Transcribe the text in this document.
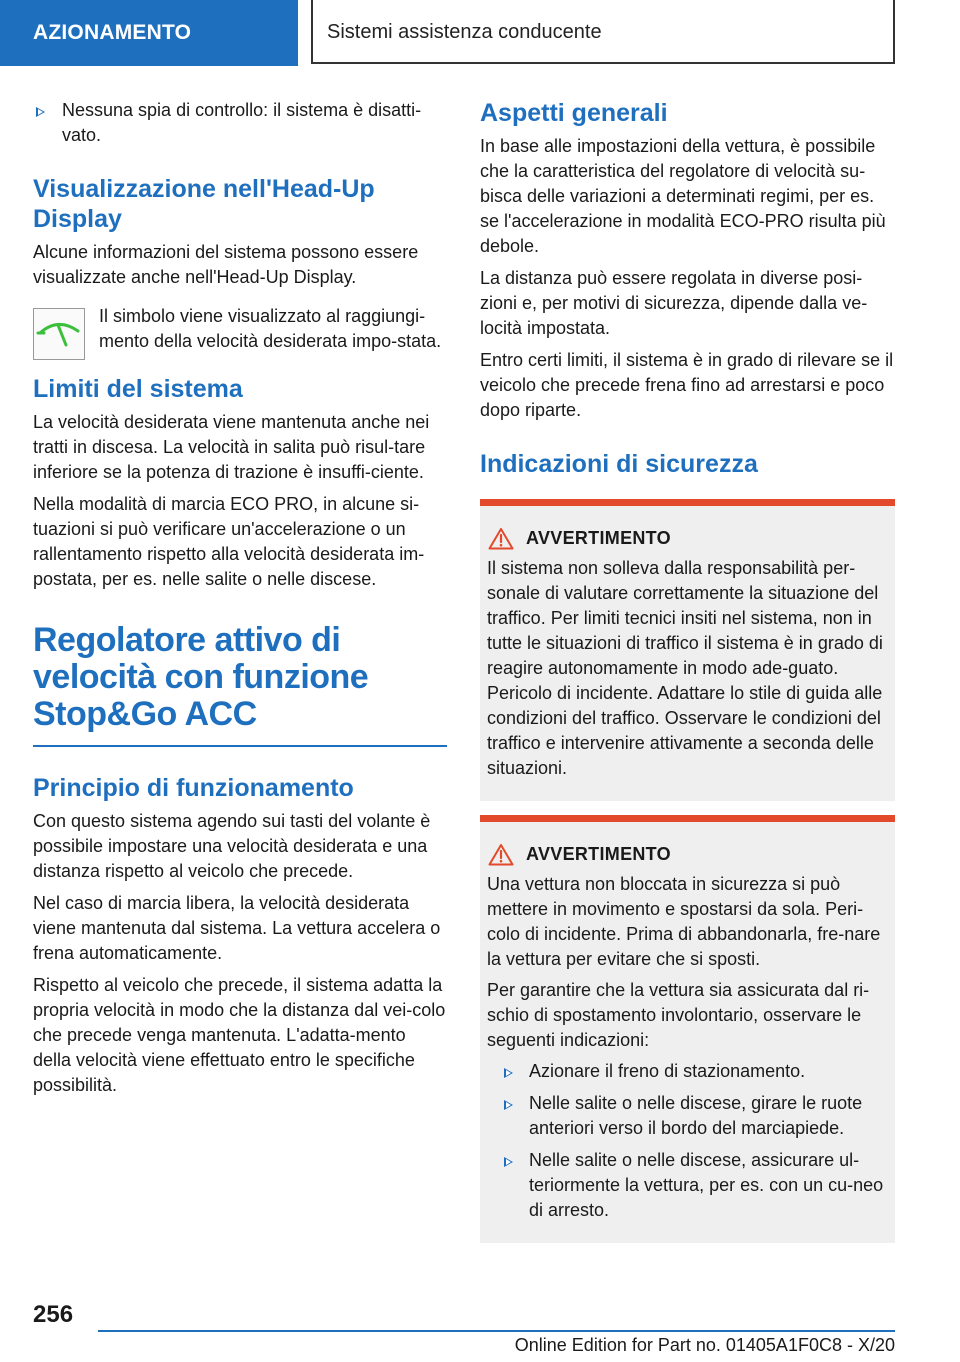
AZIONAMENTO	Sistemi assistenza conducente
Nessuna spia di controllo: il sistema è disatti-vato.
Visualizzazione nell'Head-Up Display

Alcune informazioni del sistema possono essere visualizzate anche nell'Head-Up Display.

Il simbolo viene visualizzato al raggiungi-mento della velocità desiderata impo-stata.

Limiti del sistema

La velocità desiderata viene mantenuta anche nei tratti in discesa. La velocità in salita può risul-tare inferiore se la potenza di trazione è insuffi-ciente.

Nella modalità di marcia ECO PRO, in alcune si-tuazioni si può verificare un'accelerazione o un rallentamento rispetto alla velocità desiderata im-postata, per es. nelle salite o nelle discese.

Regolatore attivo di velocità con funzione Stop&Go ACC
Principio di funzionamento

Con questo sistema agendo sui tasti del volante è possibile impostare una velocità desiderata e una distanza rispetto al veicolo che precede.

Nel caso di marcia libera, la velocità desiderata viene mantenuta dal sistema. La vettura accelera o frena automaticamente.

Rispetto al veicolo che precede, il sistema adatta la propria velocità in modo che la distanza dal vei-colo che precede venga mantenuta. L'adatta-mento della velocità viene effettuato entro le specifiche possibilità.

Aspetti generali

In base alle impostazioni della vettura, è possibile che la caratteristica del regolatore di velocità su-bisca delle variazioni a determinati regimi, per es. se l'accelerazione in modalità ECO-PRO risulta più debole.

La distanza può essere regolata in diverse posi-zioni e, per motivi di sicurezza, dipende dalla ve-locità impostata.

Entro certi limiti, il sistema è in grado di rilevare se il veicolo che precede frena fino ad arrestarsi e poco dopo riparte.

Indicazioni di sicurezza
AVVERTIMENTO

Il sistema non solleva dalla responsabilità per-sonale di valutare correttamente la situazione del traffico. Per limiti tecnici insiti nel sistema, non in tutte le situazioni di traffico il sistema è in grado di reagire autonomamente in modo ade-guato. Pericolo di incidente. Adattare lo stile di guida alle condizioni del traffico. Osservare le condizioni del traffico e intervenire attivamente a seconda delle situazioni.

AVVERTIMENTO

Una vettura non bloccata in sicurezza si può mettere in movimento e spostarsi da sola. Peri-colo di incidente. Prima di abbandonarla, fre-nare la vettura per evitare che si sposti.

Per garantire che la vettura sia assicurata dal ri-schio di spostamento involontario, osservare le seguenti indicazioni:

Azionare il freno di stazionamento.
Nelle salite o nelle discese, girare le ruote anteriori verso il bordo del marciapiede.
Nelle salite o nelle discese, assicurare ul-teriormente la vettura, per es. con un cu-neo di arresto.
256
Online Edition for Part no. 01405A1F0C8 - X/20
